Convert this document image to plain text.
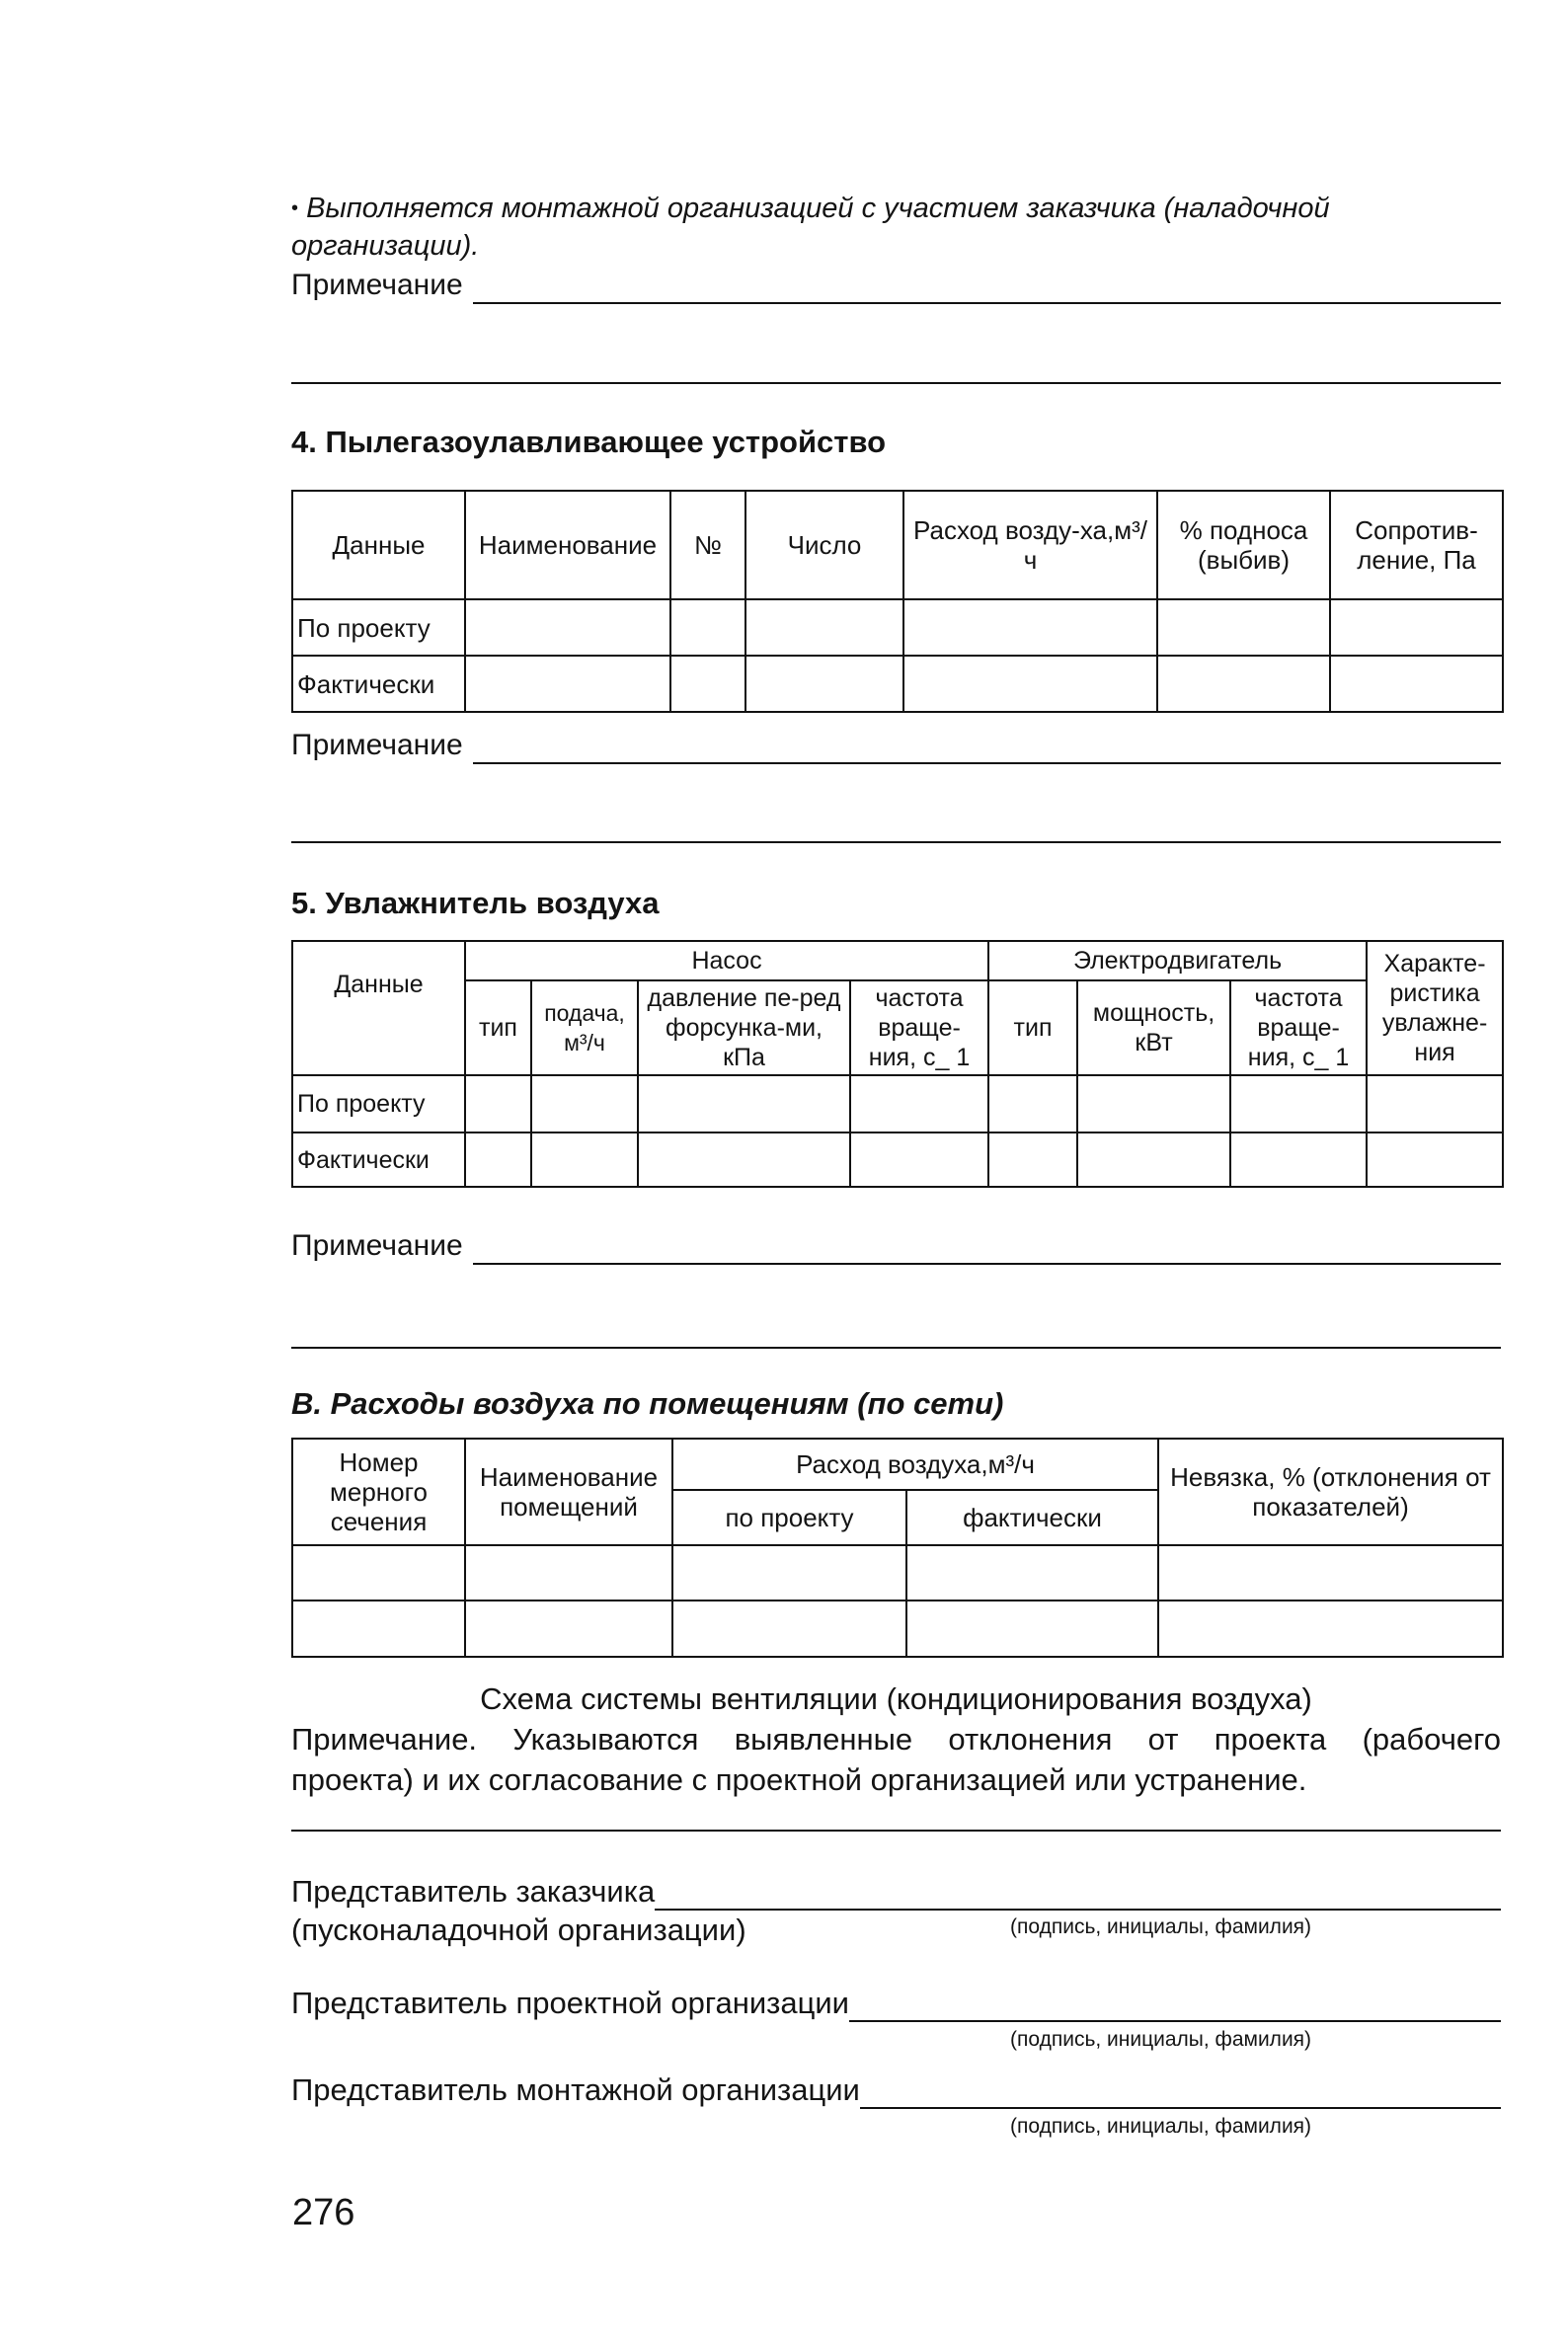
• Выполняется монтажной организацией с участием заказчика (наладочной

организации).

Примечание

4. Пылегазоулавливающее устройство

Данные	Наименование	№	Число	Расход возду-ха,м³/ч	% подноса (выбив)	Сопротив-ление, Па
По проекту						
Фактически						
Примечание

5. Увлажнитель воздуха

Данные	Насос				Электродвигатель			Характе-ристика увлажне-ния
	тип	подача, м³/ч	давление пе-ред форсунка-ми, кПа	частота враще-ния, с_ 1	тип	мощность, кВт	частота враще-ния, с_ 1	
По проекту								
Фактически								
Примечание

В. Расходы воздуха по помещениям (по сети)

Номер мерного сечения	Наименование помещений	Расход воздуха,м³/ч		Невязка, % (отклонения от показателей)
		по проекту	фактически	

Схема системы вентиляции (кондиционирования воздуха)
Примечание. Указываются выявленные отклонения от проекта (рабочего
проекта) и их согласование с проектной организацией или устранение.
Представитель заказчика
(пусконаладочной организации)	(подпись, инициалы, фамилия)
Представитель проектной организации
(подпись, инициалы, фамилия)
Представитель монтажной организации
(подпись, инициалы, фамилия)
276
